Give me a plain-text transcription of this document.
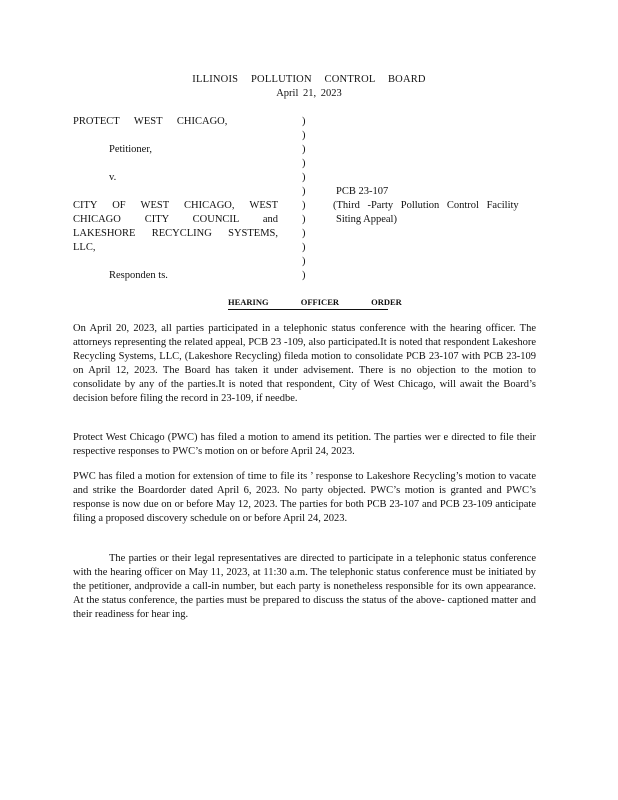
ILLINOIS POLLUTION CONTROL BOARD
April 21, 2023
PROTECT WEST CHICAGO,
Petitioner,
v.
CITY OF WEST CHICAGO, WEST
CHICAGO CITY COUNCIL and
LAKESHORE RECYCLING SYSTEMS,
LLC,
Responden ts.
)
)
)
)
)
)
)
)
)
)
)
)
PCB 23-107
(Third -Party Pollution Control Facility
Siting Appeal)
HEARING	OFFICER	ORDER
On April 20, 2023, all parties participated in a telephonic status conference with the hearing officer. The attorneys representing the related appeal, PCB 23 -109, also participated.It is noted that respondent Lakeshore Recycling Systems, LLC, (Lakeshore Recycling) fileda motion to consolidate PCB 23-107 with PCB 23-109 on April 12, 2023. The Board has taken it under advisement. There is no objection to the motion to consolidate by any of the parties.It is noted that respondent, City of West Chicago, will await the Board’s decision before filing the record in 23-109, if needbe.
Protect West Chicago (PWC) has filed a motion to amend its petition. The parties wer e directed to file their respective responses to PWC’s motion on or before April 24, 2023.
PWC has filed a motion for extension of time to file its ’ response to Lakeshore Recycling’s motion to vacate and strike the Boardorder dated April 6, 2023. No party objected. PWC’s motion is granted and PWC’s response is now due on or before May 12, 2023. The parties for both PCB 23-107 and PCB 23-109 anticipate filing a proposed discovery schedule on or before April 24, 2023.
The parties or their legal representatives are directed to participate in a telephonic status conference with the hearing officer on May 11, 2023, at 11:30 a.m. The telephonic status conference must be initiated by the petitioner, andprovide a call-in number, but each party is nonetheless responsible for its own appearance. At the status conference, the parties must be prepared to discuss the status of the above- captioned matter and their readiness for hear ing.
